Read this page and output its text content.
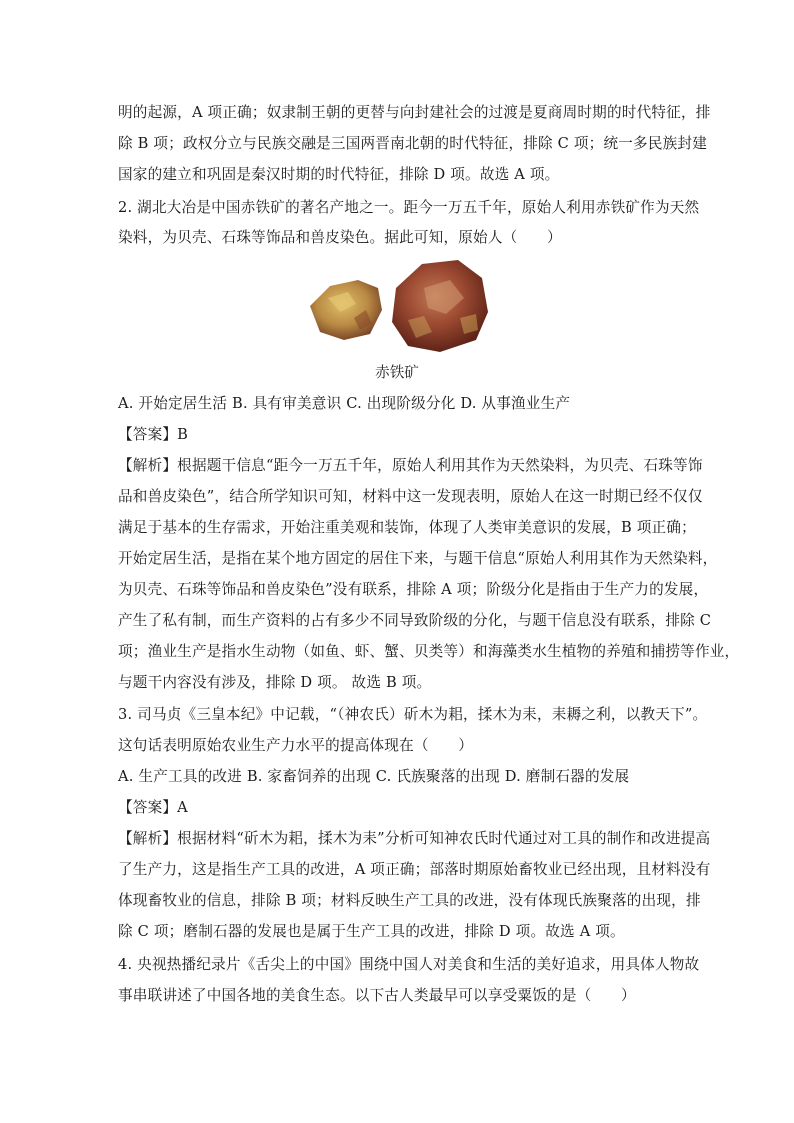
明的起源，A 项正确；奴隶制王朝的更替与向封建社会的过渡是夏商周时期的时代特征，排
除 B 项；政权分立与民族交融是三国两晋南北朝的时代特征，排除 C 项；统一多民族封建
国家的建立和巩固是秦汉时期的时代特征，排除 D 项。故选 A 项。
2. 湖北大冶是中国赤铁矿的著名产地之一。距今一万五千年，原始人利用赤铁矿作为天然
染料，为贝壳、石珠等饰品和兽皮染色。据此可知，原始人（　　）
赤铁矿
A. 开始定居生活 B. 具有审美意识 C. 出现阶级分化 D. 从事渔业生产
【答案】B
【解析】根据题干信息“距今一万五千年，原始人利用其作为天然染料，为贝壳、石珠等饰
品和兽皮染色”，结合所学知识可知，材料中这一发现表明，原始人在这一时期已经不仅仅
满足于基本的生存需求，开始注重美观和装饰，体现了人类审美意识的发展，B 项正确；
开始定居生活，是指在某个地方固定的居住下来，与题干信息“原始人利用其作为天然染料，
为贝壳、石珠等饰品和兽皮染色”没有联系，排除 A 项；阶级分化是指由于生产力的发展，
产生了私有制，而生产资料的占有多少不同导致阶级的分化，与题干信息没有联系，排除 C
项；渔业生产是指水生动物（如鱼、虾、蟹、贝类等）和海藻类水生植物的养殖和捕捞等作业，
与题干内容没有涉及，排除 D 项。 故选 B 项。
3. 司马贞《三皇本纪》中记载，“（神农氏）斫木为耜，揉木为耒，耒耨之利，以教天下”。
这句话表明原始农业生产力水平的提高体现在（　　）
A. 生产工具的改进 B. 家畜饲养的出现 C. 氏族聚落的出现 D. 磨制石器的发展
【答案】A
【解析】根据材料“斫木为耜，揉木为耒”分析可知神农氏时代通过对工具的制作和改进提高
了生产力，这是指生产工具的改进，A 项正确；部落时期原始畜牧业已经出现，且材料没有
体现畜牧业的信息，排除 B 项；材料反映生产工具的改进，没有体现氏族聚落的出现，排
除 C 项；磨制石器的发展也是属于生产工具的改进，排除 D 项。故选 A 项。
4. 央视热播纪录片《舌尖上的中国》围绕中国人对美食和生活的美好追求，用具体人物故
事串联讲述了中国各地的美食生态。以下古人类最早可以享受粟饭的是（　　）
